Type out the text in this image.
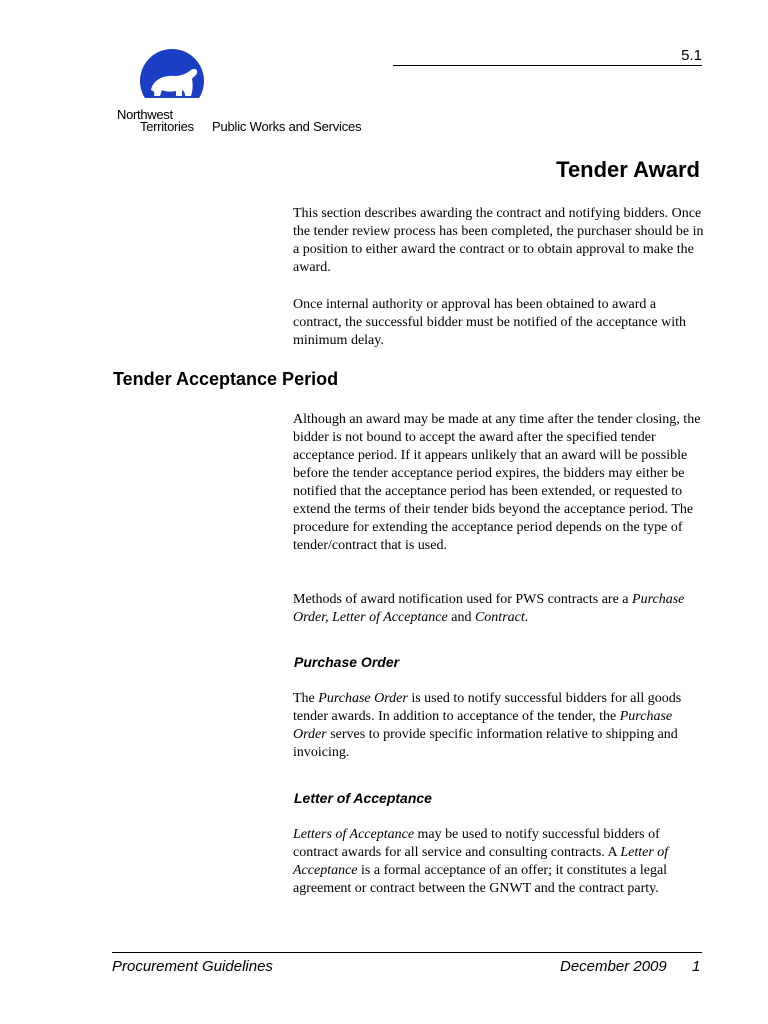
5.1
Northwest
Territories Public Works and Services
Tender Award

This section describes awarding the contract and notifying bidders. Once the tender review process has been completed, the purchaser should be in a position to either award the contract or to obtain approval to make the award.

Once internal authority or approval has been obtained to award a contract, the successful bidder must be notified of the acceptance with minimum delay.

Tender Acceptance Period

Although an award may be made at any time after the tender closing, the bidder is not bound to accept the award after the specified tender acceptance period. If it appears unlikely that an award will be possible before the tender acceptance period expires, the bidders may either be notified that the acceptance period has been extended, or requested to extend the terms of their tender bids beyond the acceptance period. The procedure for extending the acceptance period depends on the type of tender/contract that is used.

Methods of award notification used for PWS contracts are a Purchase Order, Letter of Acceptance and Contract.

Purchase Order

The Purchase Order is used to notify successful bidders for all goods tender awards. In addition to acceptance of the tender, the Purchase Order serves to provide specific information relative to shipping and invoicing.

Letter of Acceptance

Letters of Acceptance may be used to notify successful bidders of contract awards for all service and consulting contracts. A Letter of Acceptance is a formal acceptance of an offer; it constitutes a legal agreement or contract between the GNWT and the contract party.

Procurement Guidelines	December 2009 1
